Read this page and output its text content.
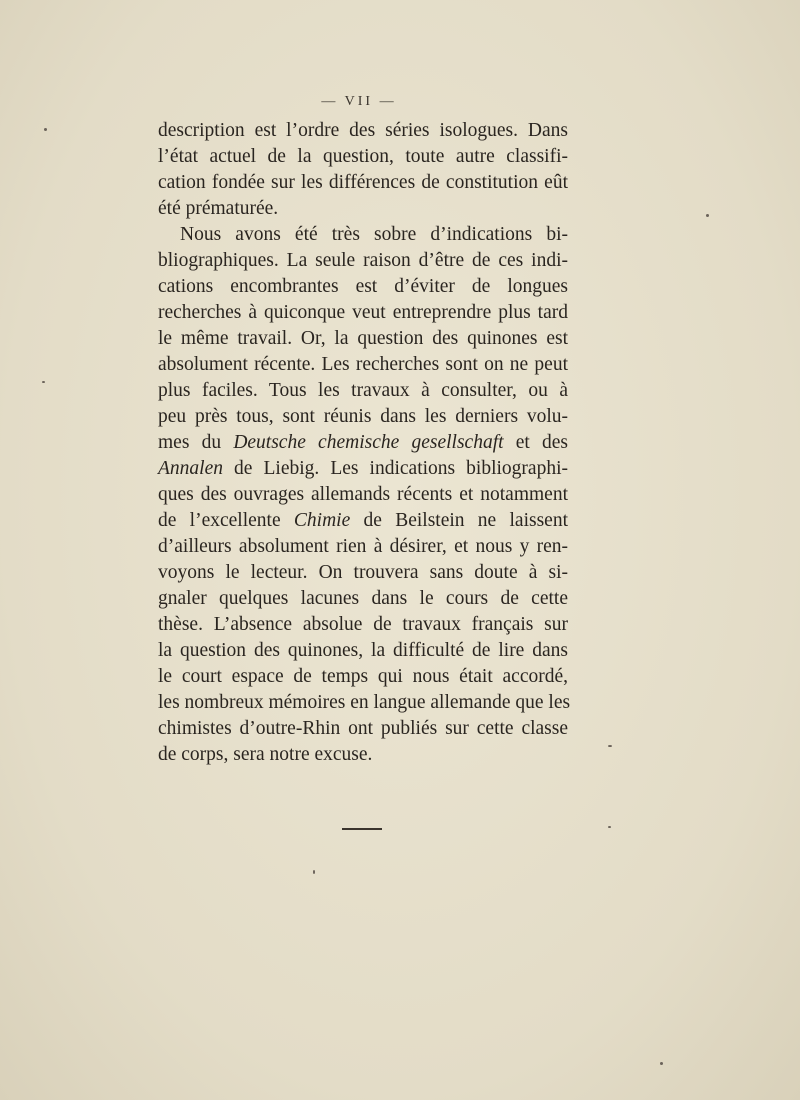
— VII —
description est l’ordre des séries isologues. Dans
l’état actuel de la question, toute autre classifi-
cation fondée sur les différences de constitution eût
été prématurée.
Nous avons été très sobre d’indications bi-
bliographiques. La seule raison d’être de ces indi-
cations encombrantes est d’éviter de longues
recherches à quiconque veut entreprendre plus tard
le même travail. Or, la question des quinones est
absolument récente. Les recherches sont on ne peut
plus faciles. Tous les travaux à consulter, ou à
peu près tous, sont réunis dans les derniers volu-
mes du Deutsche chemische gesellschaft et des
Annalen de Liebig. Les indications bibliographi-
ques des ouvrages allemands récents et notamment
de l’excellente Chimie de Beilstein ne laissent
d’ailleurs absolument rien à désirer, et nous y ren-
voyons le lecteur. On trouvera sans doute à si-
gnaler quelques lacunes dans le cours de cette
thèse. L’absence absolue de travaux français sur
la question des quinones, la difficulté de lire dans
le court espace de temps qui nous était accordé,
les nombreux mémoires en langue allemande que les
chimistes d’outre-Rhin ont publiés sur cette classe
de corps, sera notre excuse.
